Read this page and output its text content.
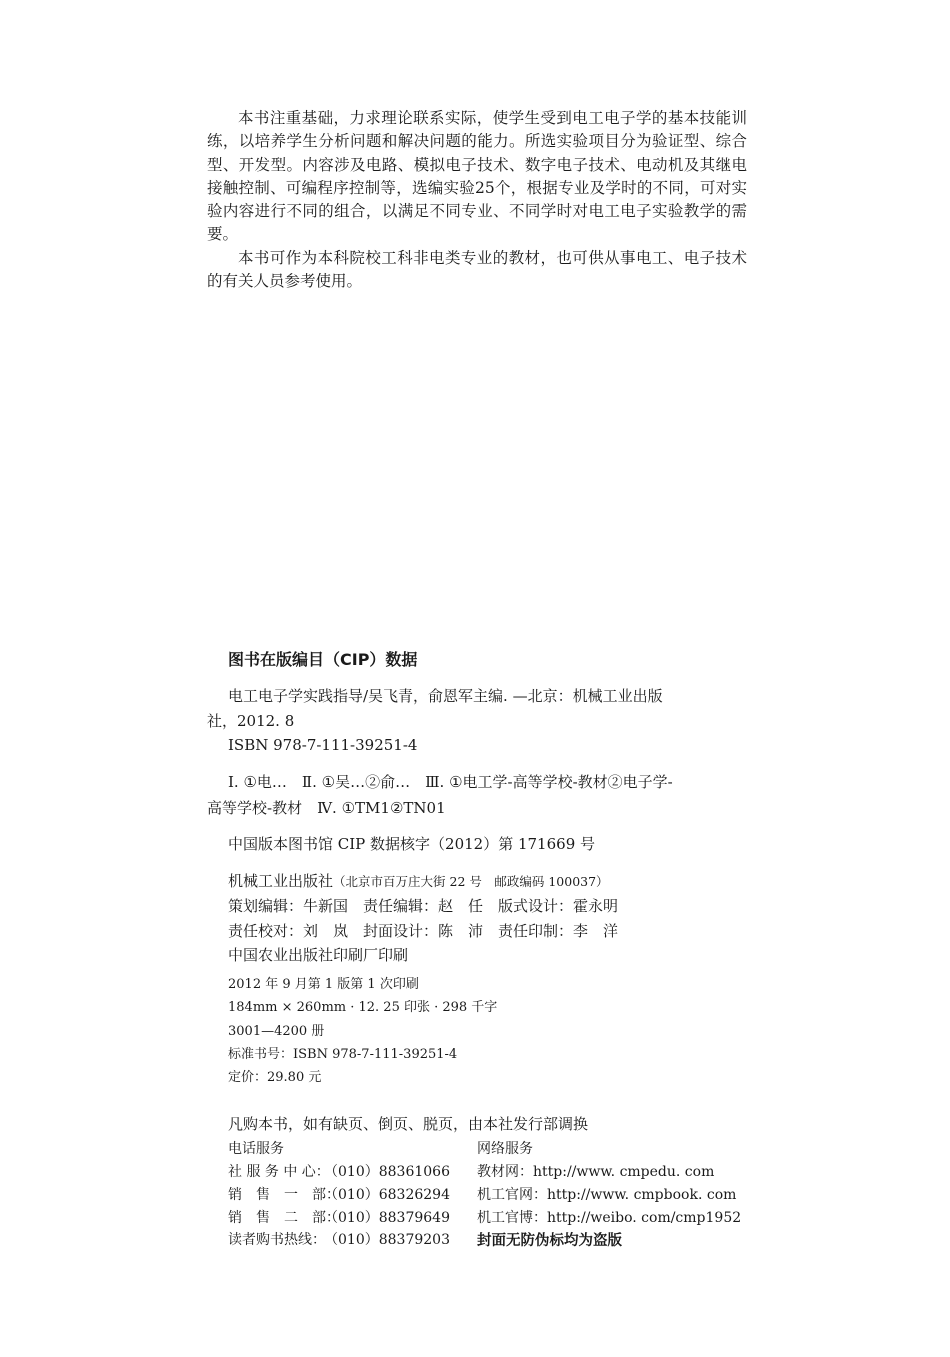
本书注重基础，力求理论联系实际，使学生受到电工电子学的基本技能训练，以培养学生分析问题和解决问题的能力。所选实验项目分为验证型、综合型、开发型。内容涉及电路、模拟电子技术、数字电子技术、电动机及其继电接触控制、可编程序控制等，选编实验25个，根据专业及学时的不同，可对实验内容进行不同的组合，以满足不同专业、不同学时对电工电子实验教学的需要。

本书可作为本科院校工科非电类专业的教材，也可供从事电工、电子技术的有关人员参考使用。

图书在版编目（CIP）数据
电工电子学实践指导/吴飞青，俞恩军主编. —北京：机械工业出版
社，2012. 8
ISBN 978-7-111-39251-4
Ⅰ. ①电…　Ⅱ. ①吴…②俞…　Ⅲ. ①电工学-高等学校-教材②电子学-
高等学校-教材　Ⅳ. ①TM1②TN01
中国版本图书馆 CIP 数据核字（2012）第 171669 号
机械工业出版社（北京市百万庄大街 22 号　邮政编码 100037）
策划编辑：牛新国　责任编辑：赵　任　版式设计：霍永明
责任校对：刘　岚　封面设计：陈　沛　责任印制：李　洋
中国农业出版社印刷厂印刷
2012 年 9 月第 1 版第 1 次印刷
184mm × 260mm · 12. 25 印张 · 298 千字
3001—4200 册
标准书号：ISBN 978-7-111-39251-4
定价：29.80 元
凡购本书，如有缺页、倒页、脱页，由本社发行部调换
电话服务	网络服务
社 服 务 中 心：（010）88361066
销　售　一　部：（010）68326294
销　售　二　部：（010）88379649
读者购书热线：（010）88379203
教材网：http://www. cmpedu. com
机工官网：http://www. cmpbook. com
机工官博：http://weibo. com/cmp1952
封面无防伪标均为盗版
